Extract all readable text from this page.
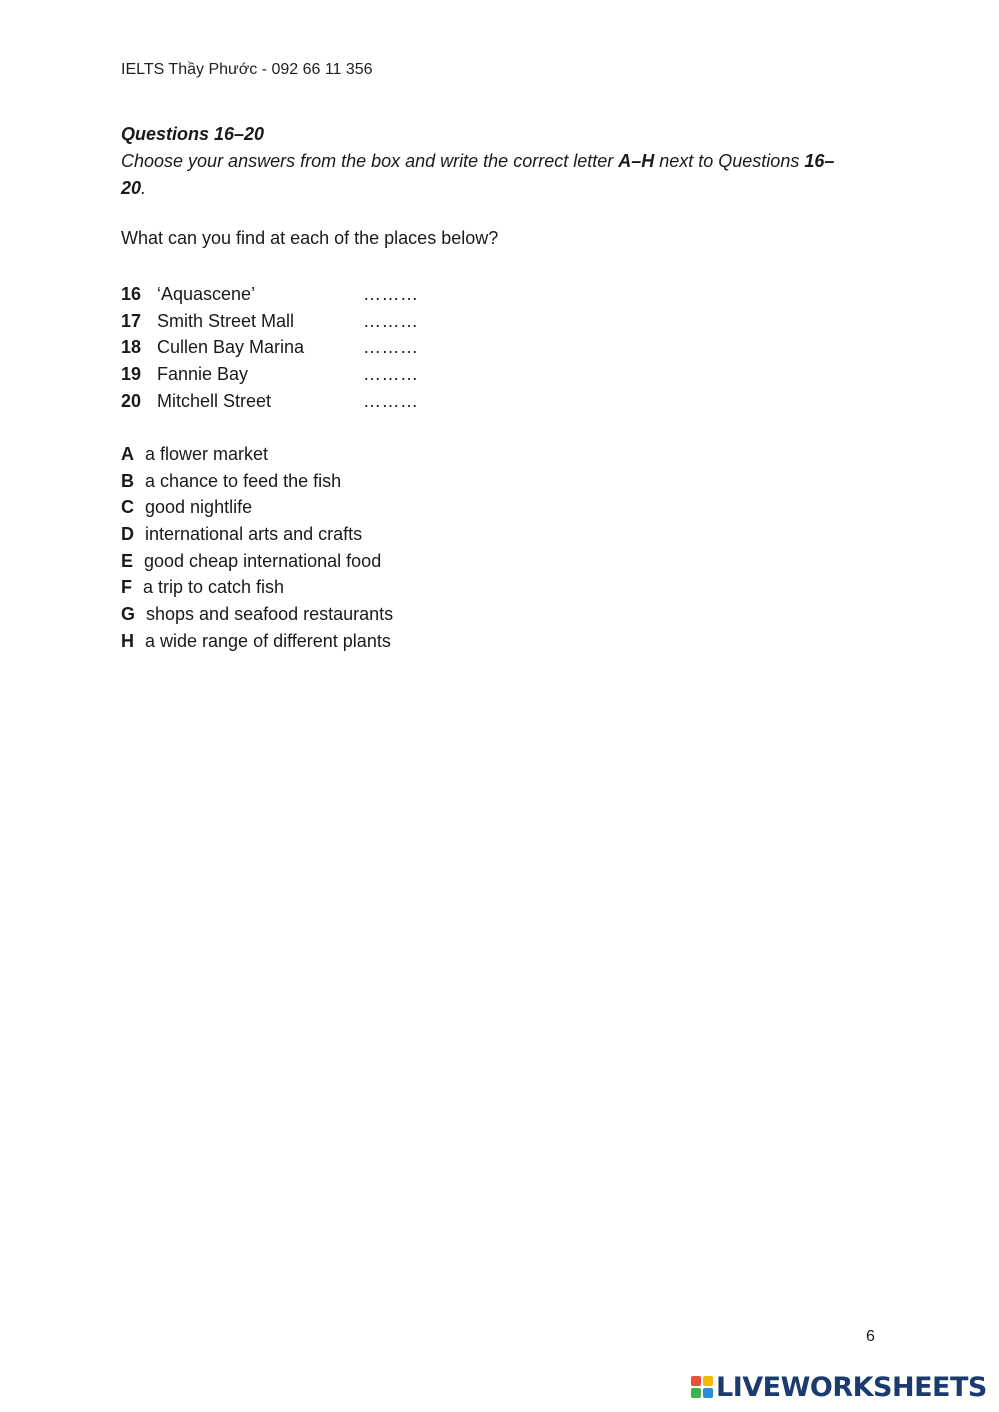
IELTS Thầy Phước - 092 66 11 356
Questions 16–20
Choose your answers from the box and write the correct letter A–H next to Questions 16–20.
What can you find at each of the places below?
16 ‘Aquascene’	………
17 Smith Street Mall	………
18 Cullen Bay Marina	………
19 Fannie Bay	………
20 Mitchell Street	………
A a flower market
B a chance to feed the fish
C good nightlife
D international arts and crafts
E good cheap international food
F a trip to catch fish
G shops and seafood restaurants
H a wide range of different plants
6
LIVEWORKSHEETS
